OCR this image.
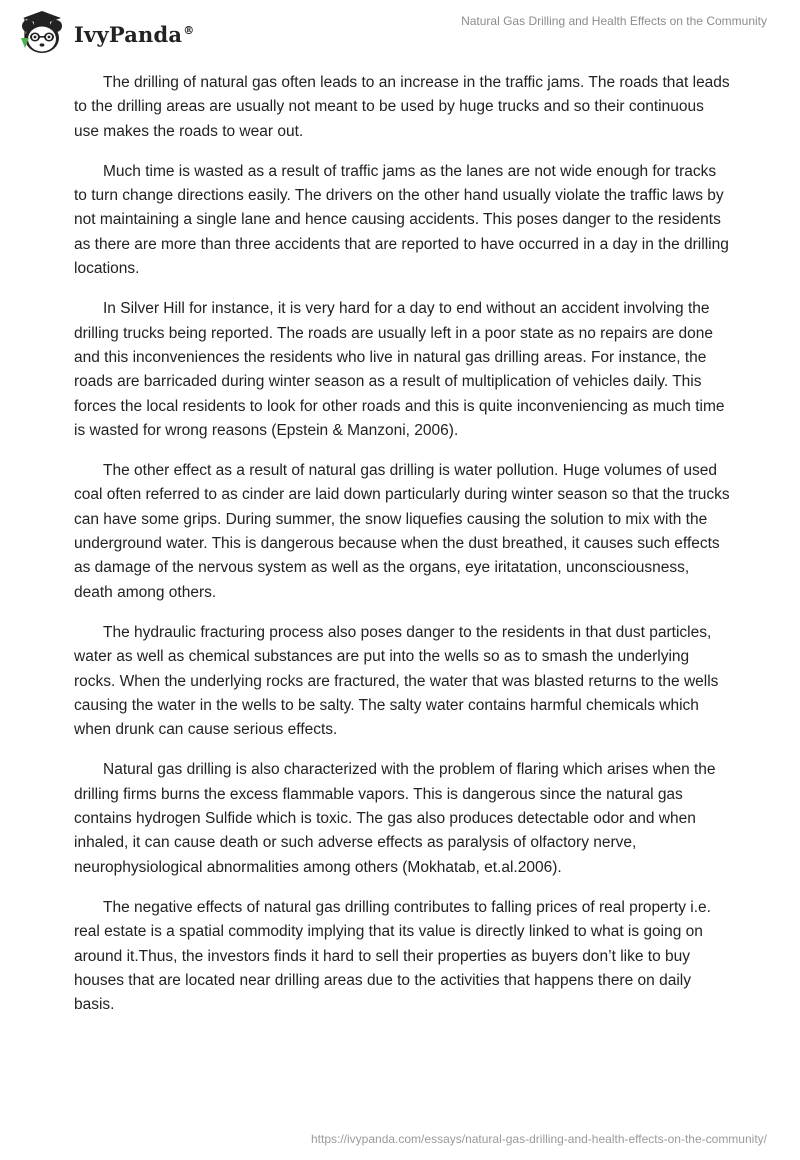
IvyPanda®
Natural Gas Drilling and Health Effects on the Community

The drilling of natural gas often leads to an increase in the traffic jams. The roads that leads to the drilling areas are usually not meant to be used by huge trucks and so their continuous use makes the roads to wear out.

Much time is wasted as a result of traffic jams as the lanes are not wide enough for tracks to turn change directions easily. The drivers on the other hand usually violate the traffic laws by not maintaining a single lane and hence causing accidents. This poses danger to the residents as there are more than three accidents that are reported to have occurred in a day in the drilling locations.

In Silver Hill for instance, it is very hard for a day to end without an accident involving the drilling trucks being reported. The roads are usually left in a poor state as no repairs are done and this inconveniences the residents who live in natural gas drilling areas. For instance, the roads are barricaded during winter season as a result of multiplication of vehicles daily. This forces the local residents to look for other roads and this is quite inconveniencing as much time is wasted for wrong reasons (Epstein & Manzoni, 2006).

The other effect as a result of natural gas drilling is water pollution. Huge volumes of used coal often referred to as cinder are laid down particularly during winter season so that the trucks can have some grips. During summer, the snow liquefies causing the solution to mix with the underground water. This is dangerous because when the dust breathed, it causes such effects as damage of the nervous system as well as the organs, eye iritatation, unconsciousness, death among others.

The hydraulic fracturing process also poses danger to the residents in that dust particles, water as well as chemical substances are put into the wells so as to smash the underlying rocks. When the underlying rocks are fractured, the water that was blasted returns to the wells causing the water in the wells to be salty. The salty water contains harmful chemicals which when drunk can cause serious effects.

Natural gas drilling is also characterized with the problem of flaring which arises when the drilling firms burns the excess flammable vapors. This is dangerous since the natural gas contains hydrogen Sulfide which is toxic. The gas also produces detectable odor and when inhaled, it can cause death or such adverse effects as paralysis of olfactory nerve, neurophysiological abnormalities among others (Mokhatab, et.al.2006).

The negative effects of natural gas drilling contributes to falling prices of real property i.e. real estate is a spatial commodity implying that its value is directly linked to what is going on around it.Thus, the investors finds it hard to sell their properties as buyers don’t like to buy houses that are located near drilling areas due to the activities that happens there on daily basis.

https://ivypanda.com/essays/natural-gas-drilling-and-health-effects-on-the-community/
